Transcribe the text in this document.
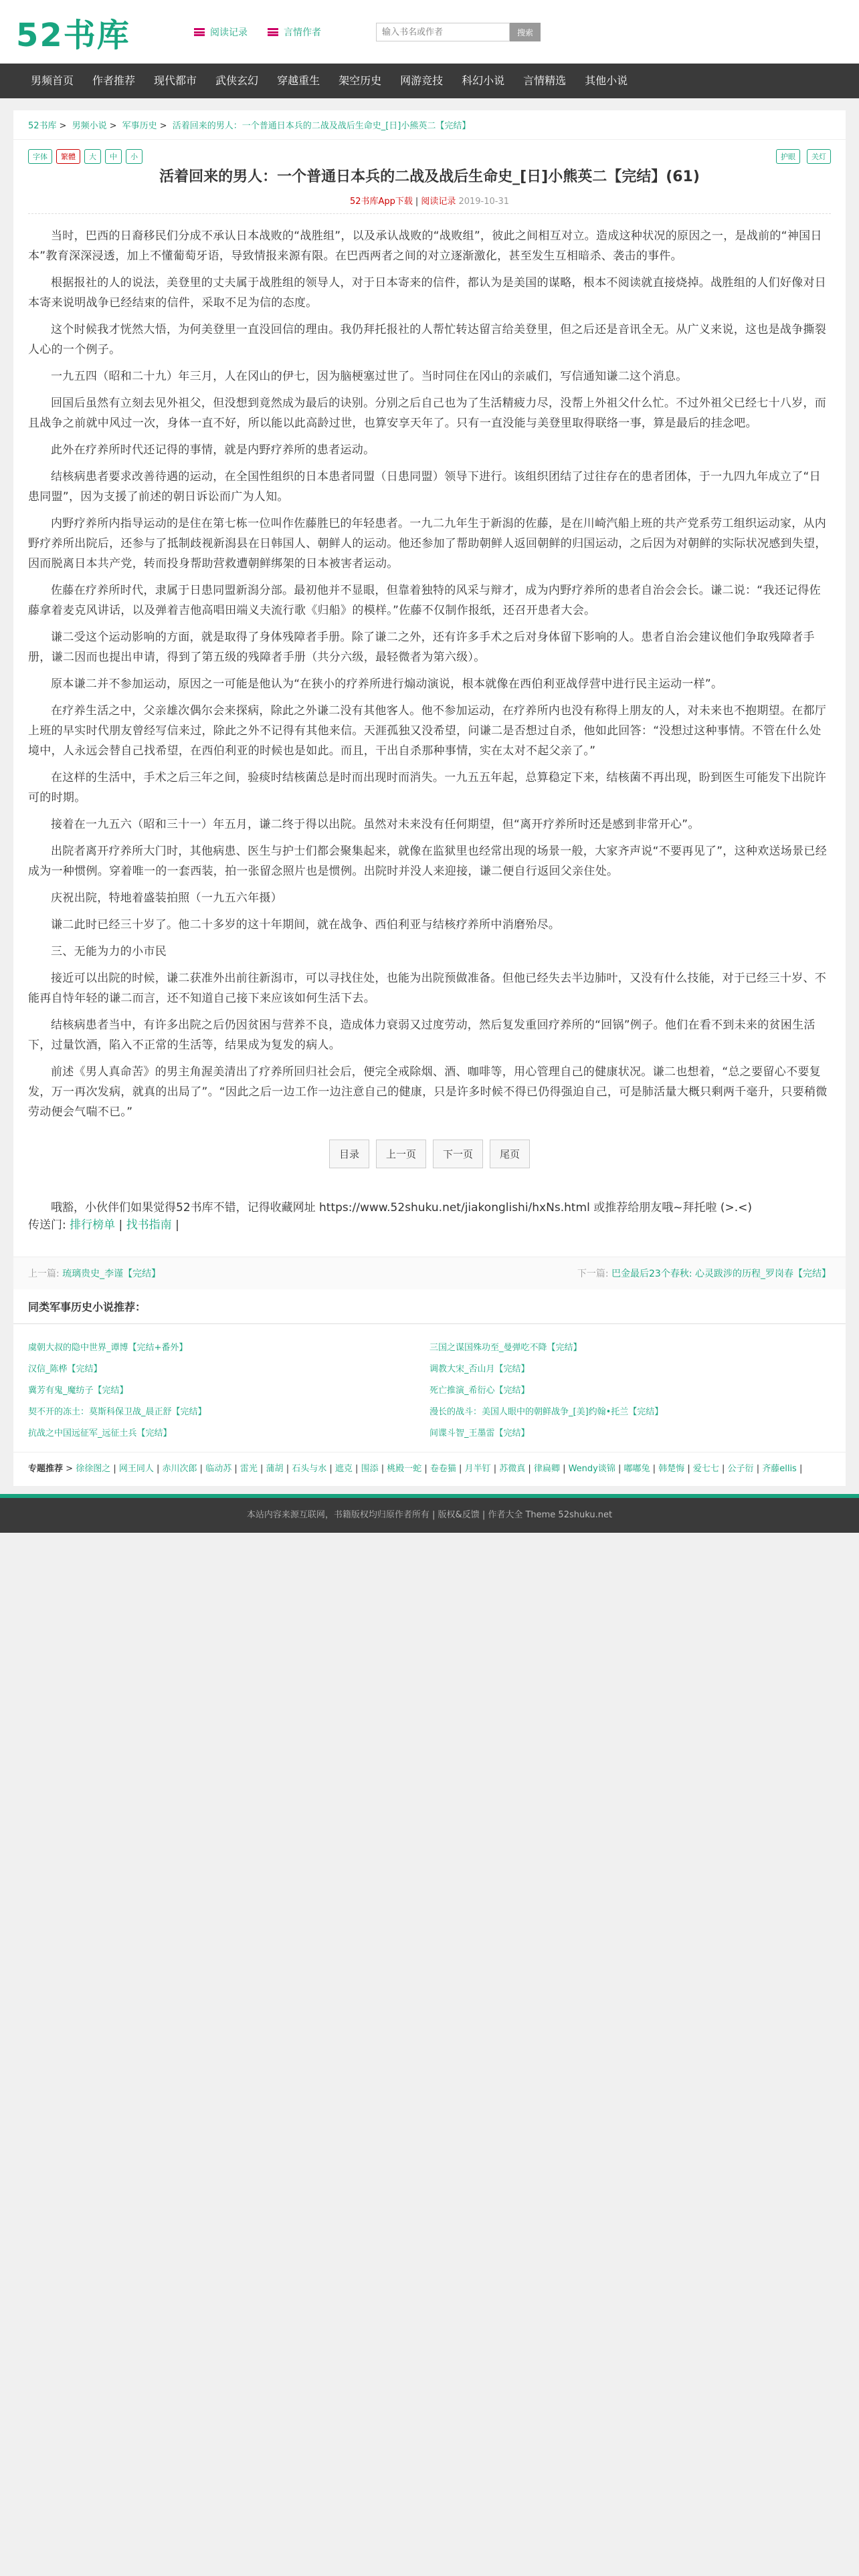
52书库	阅读记录	言情作者
输入书名或作者	搜索
男频首页	作者推荐	现代都市	武侠玄幻	穿越重生	架空历史	网游竞技	科幻小说	言情精选	其他小说
52书库 > 男频小说 > 军事历史 > 活着回来的男人：一个普通日本兵的二战及战后生命史_[日]小熊英二【完结】
字体	繁體	大	中	小	护眼	关灯
活着回来的男人：一个普通日本兵的二战及战后生命史_[日]小熊英二【完结】(61)
52书库App下载 | 阅读记录 2019-10-31

当时，巴西的日裔移民们分成不承认日本战败的“战胜组”，以及承认战败的“战败组”，彼此之间相互对立。造成这种状况的原因之一，是战前的“神国日本”教育深深浸透，加上不懂葡萄牙语，导致情报来源有限。在巴西两者之间的对立逐渐激化，甚至发生互相暗杀、袭击的事件。

根据报社的人的说法，美登里的丈夫属于战胜组的领导人，对于日本寄来的信件，都认为是美国的谋略，根本不阅读就直接烧掉。战胜组的人们好像对日本寄来说明战争已经结束的信件，采取不足为信的态度。

这个时候我才恍然大悟，为何美登里一直没回信的理由。我仍拜托报社的人帮忙转达留言给美登里，但之后还是音讯全无。从广义来说，这也是战争撕裂人心的一个例子。

一九五四（昭和二十九）年三月，人在冈山的伊七，因为脑梗塞过世了。当时同住在冈山的亲戚们，写信通知谦二这个消息。

回国后虽然有立刻去见外祖父，但没想到竟然成为最后的诀别。分别之后自己也为了生活精疲力尽，没帮上外祖父什么忙。不过外祖父已经七十八岁，而且战争之前就中风过一次，身体一直不好，所以能以此高龄过世，也算安享天年了。只有一直没能与美登里取得联络一事，算是最后的挂念吧。

此外在疗养所时代还记得的事情，就是内野疗养所的患者运动。

结核病患者要求改善待遇的运动，在全国性组织的日本患者同盟（日患同盟）领导下进行。该组织团结了过往存在的患者团体，于一九四九年成立了“日患同盟”，因为支援了前述的朝日诉讼而广为人知。

内野疗养所内指导运动的是住在第七栋一位叫作佐藤胜巳的年轻患者。一九二九年生于新潟的佐藤，是在川崎汽船上班的共产党系劳工组织运动家，从内野疗养所出院后，还参与了抵制歧视新潟县在日韩国人、朝鲜人的运动。他还参加了帮助朝鲜人返回朝鲜的归国运动，之后因为对朝鲜的实际状况感到失望，因而脱离日本共产党，转而投身帮助营救遭朝鲜绑架的日本被害者运动。

佐藤在疗养所时代，隶属于日患同盟新潟分部。最初他并不显眼，但靠着独特的风采与辩才，成为内野疗养所的患者自治会会长。谦二说：“我还记得佐藤拿着麦克风讲话，以及弹着吉他高唱田端义夫流行歌《归船》的模样。”佐藤不仅制作报纸，还召开患者大会。

谦二受这个运动影响的方面，就是取得了身体残障者手册。除了谦二之外，还有许多手术之后对身体留下影响的人。患者自治会建议他们争取残障者手册，谦二因而也提出申请，得到了第五级的残障者手册（共分六级，最轻微者为第六级）。

原本谦二并不参加运动，原因之一可能是他认为“在狭小的疗养所进行煽动演说，根本就像在西伯利亚战俘营中进行民主运动一样”。

在疗养生活之中，父亲雄次偶尔会来探病，除此之外谦二没有其他客人。他不参加运动，在疗养所内也没有称得上朋友的人，对未来也不抱期望。在都厅上班的早实时代朋友曾经写信来过，除此之外不记得有其他来信。天涯孤独又没希望，问谦二是否想过自杀，他如此回答：“没想过这种事情。不管在什么处境中，人永远会替自己找希望，在西伯利亚的时候也是如此。而且，干出自杀那种事情，实在太对不起父亲了。”

在这样的生活中，手术之后三年之间，验痰时结核菌总是时而出现时而消失。一九五五年起，总算稳定下来，结核菌不再出现，盼到医生可能发下出院许可的时期。

接着在一九五六（昭和三十一）年五月，谦二终于得以出院。虽然对未来没有任何期望，但“离开疗养所时还是感到非常开心”。

出院者离开疗养所大门时，其他病患、医生与护士们都会聚集起来，就像在监狱里也经常出现的场景一般，大家齐声说“不要再见了”，这种欢送场景已经成为一种惯例。穿着唯一的一套西装，拍一张留念照片也是惯例。出院时并没人来迎接，谦二便自行返回父亲住处。

庆祝出院，特地着盛装拍照（一九五六年摄）

谦二此时已经三十岁了。他二十多岁的这十年期间，就在战争、西伯利亚与结核疗养所中消磨殆尽。

三、无能为力的小市民

接近可以出院的时候，谦二获准外出前往新潟市，可以寻找住处，也能为出院预做准备。但他已经失去半边肺叶，又没有什么技能，对于已经三十岁、不能再自恃年轻的谦二而言，还不知道自己接下来应该如何生活下去。

结核病患者当中，有许多出院之后仍因贫困与营养不良，造成体力衰弱又过度劳动，然后复发重回疗养所的“回锅”例子。他们在看不到未来的贫困生活下，过量饮酒，陷入不正常的生活等，结果成为复发的病人。

前述《男人真命苦》的男主角渥美清出了疗养所回归社会后，便完全戒除烟、酒、咖啡等，用心管理自己的健康状况。谦二也想着，“总之要留心不要复发，万一再次发病，就真的出局了”。“因此之后一边工作一边注意自己的健康，只是许多时候不得已仍得强迫自己，可是肺活量大概只剩两千毫升，只要稍微劳动便会气喘不已。”

目录	上一页	下一页	尾页
哦豁，小伙伴们如果觉得52书库不错，记得收藏网址 https://www.52shuku.net/jiakonglishi/hxNs.html 或推荐给朋友哦~拜托啦 (>.<)
传送门: 排行榜单 | 找书指南 |
上一篇: 琉璃贵史_李谨【完结】	下一篇: 巴金最后23个春秋: 心灵跋涉的历程_罗岗春【完结】
同类军事历史小说推荐：
虞朝大叔的隐中世界_谭博【完结+番外】	三国之谋国殊功至_曼弹吃不降【完结】
汉信_陈桦【完结】	调教大宋_否山月【完结】
冀芳有鬼_魔纺子【完结】	死亡推演_希衍心【完结】
契不开的冻土：莫斯科保卫战_晨正舒【完结】	漫长的战斗：美国人眼中的朝鲜战争_[美]约翰•托兰【完结】
抗战之中国远征军_远征土兵【完结】	间谍斗智_王墨雷【完结】
专题推荐 > 徐徐图之 | 网王同人 | 赤川次郎 | 临动苏 | 雷光 | 蒲胡 | 石头与水 | 遮克 | 围添 | 桃殿一蛇 | 卷卷猫 | 月半钉 | 苏微真 | 律扁卿 | Wendy谈锦 | 嘟嘟兔 | 韩楚悔 | 爱七七 | 公子衍 | 齐藤ellis |
本站内容来源互联网，书籍版权均归原作者所有 | 版权&反馈 | 作者大全 Theme 52shuku.net
